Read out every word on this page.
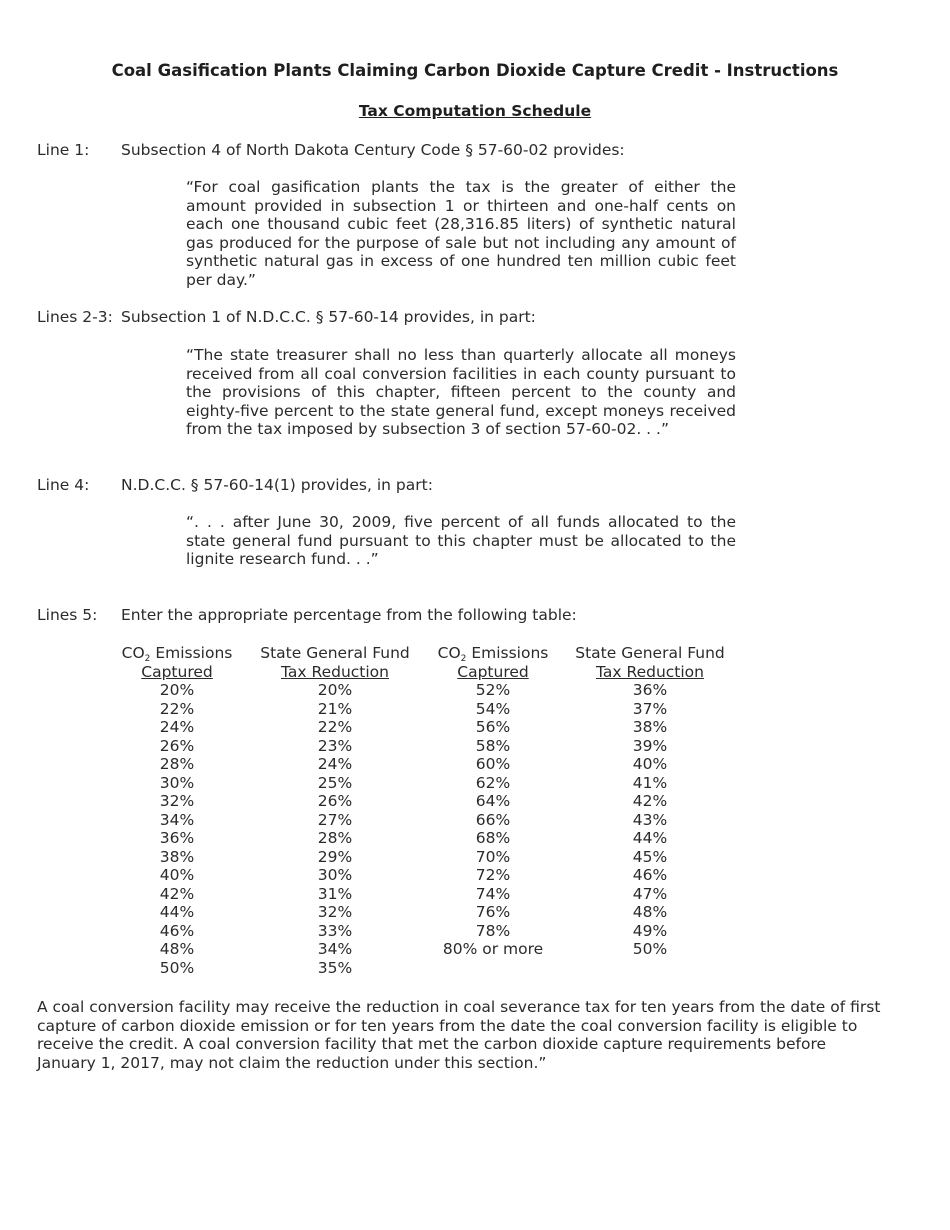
Coal Gasification Plants Claiming Carbon Dioxide Capture Credit - Instructions
Tax Computation Schedule
Line 1: Subsection 4 of North Dakota Century Code § 57-60-02 provides:
“For coal gasification plants the tax is the greater of either the amount provided in subsection 1 or thirteen and one-half cents on each one thousand cubic feet (28,316.85 liters) of synthetic natural gas produced for the purpose of sale but not including any amount of synthetic natural gas in excess of one hundred ten million cubic feet per day.”
Lines 2-3: Subsection 1 of N.D.C.C. § 57-60-14 provides, in part:
“The state treasurer shall no less than quarterly allocate all moneys received from all coal conversion facilities in each county pursuant to the provisions of this chapter, fifteen percent to the county and eighty-five percent to the state general fund, except moneys received from the tax imposed by subsection 3 of section 57-60-02. . .”
Line 4: N.D.C.C. § 57-60-14(1) provides, in part:
“. . . after June 30, 2009, five percent of all funds allocated to the state general fund pursuant to this chapter must be allocated to the lignite research fund. . .”
Lines 5: Enter the appropriate percentage from the following table:
$CO_2$ Emissions	State General Fund	$CO_2$ Emissions	State General Fund
Captured	Tax Reduction	Captured	Tax Reduction
20%	20%	52%	36%
22%	21%	54%	37%
24%	22%	56%	38%
26%	23%	58%	39%
28%	24%	60%	40%
30%	25%	62%	41%
32%	26%	64%	42%
34%	27%	66%	43%
36%	28%	68%	44%
38%	29%	70%	45%
40%	30%	72%	46%
42%	31%	74%	47%
44%	32%	76%	48%
46%	33%	78%	49%
48%	34%	80% or more	50%
50%	35%		
A coal conversion facility may receive the reduction in coal severance tax for ten years from the date of first capture of carbon dioxide emission or for ten years from the date the coal conversion facility is eligible to receive the credit. A coal conversion facility that met the carbon dioxide capture requirements before January 1, 2017, may not claim the reduction under this section.”
